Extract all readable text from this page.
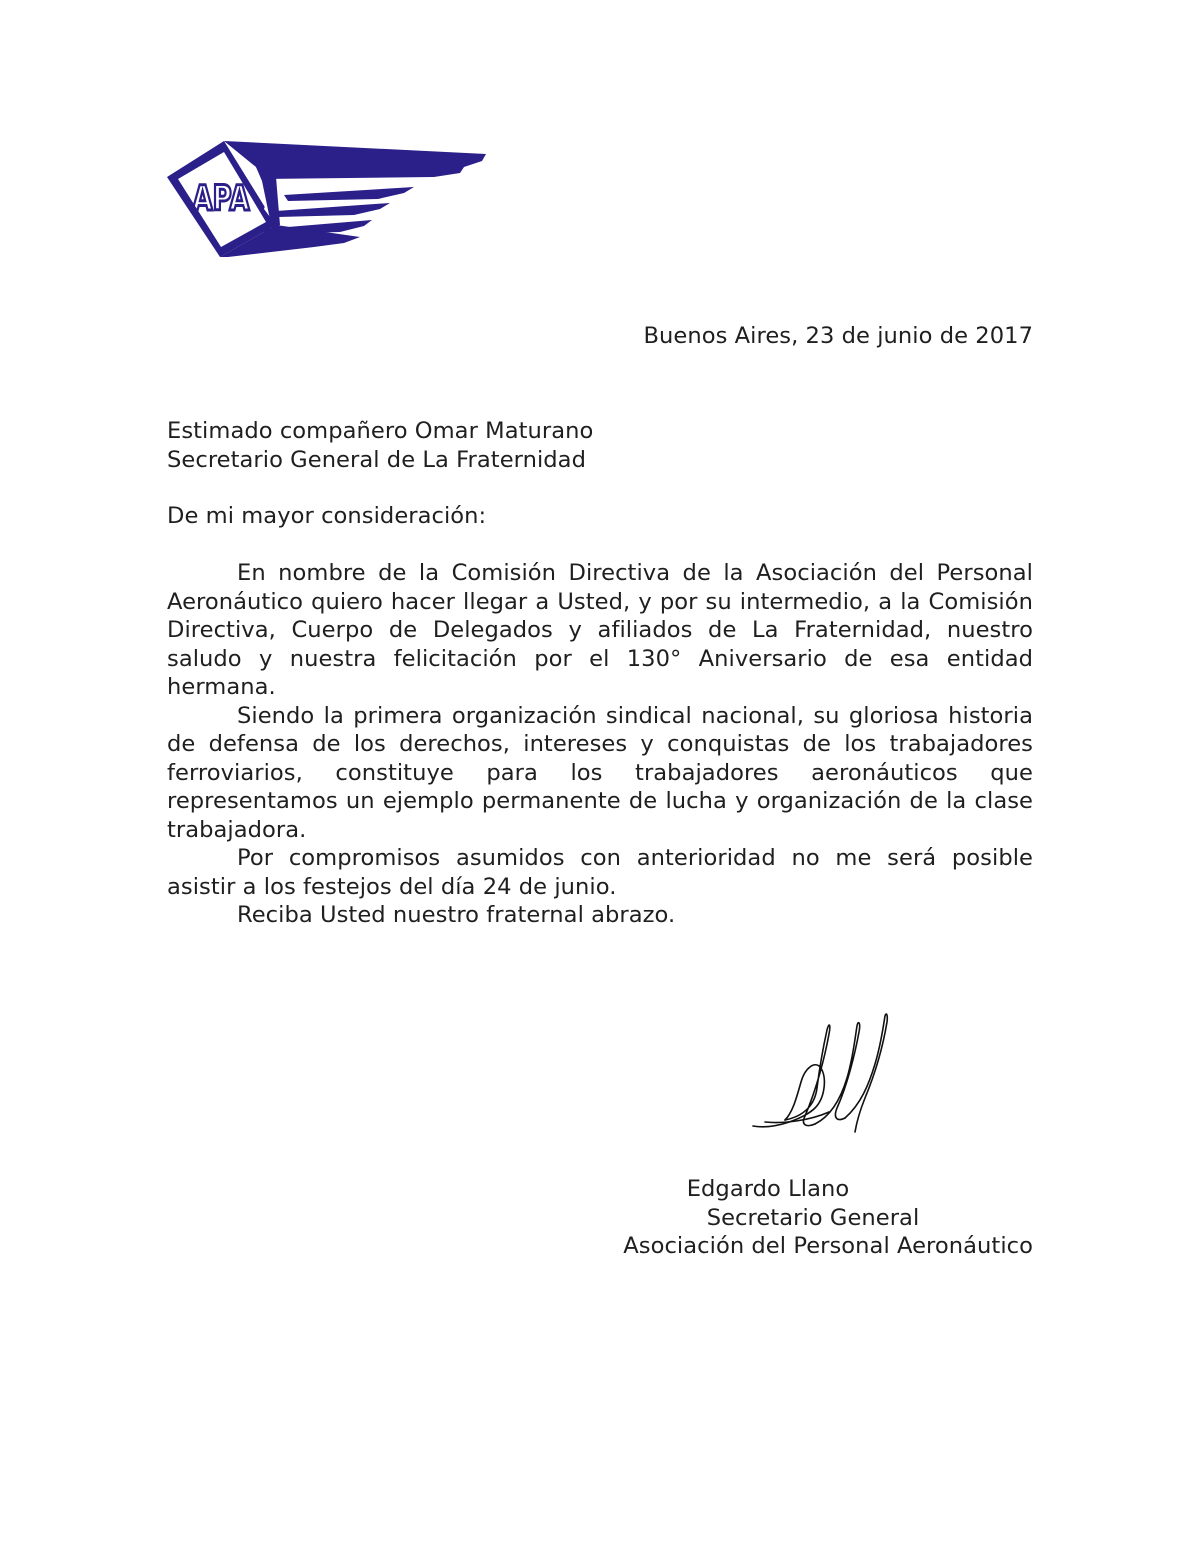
APA
Buenos Aires, 23 de junio de 2017
Estimado compañero Omar Maturano
Secretario General de La Fraternidad
De mi mayor consideración:

En nombre de la Comisión Directiva de la Asociación del Personal Aeronáutico quiero hacer llegar a Usted, y por su intermedio, a la Comisión Directiva, Cuerpo de Delegados y afiliados de La Fraternidad, nuestro saludo y nuestra felicitación por el 130° Aniversario de esa entidad hermana.

Siendo la primera organización sindical nacional, su gloriosa historia de defensa de los derechos, intereses y conquistas de los trabajadores ferroviarios, constituye para los trabajadores aeronáuticos que representamos un ejemplo permanente de lucha y organización de la clase trabajadora.

Por compromisos asumidos con anterioridad no me será posible asistir a los festejos del día 24 de junio.

Reciba Usted nuestro fraternal abrazo.

Edgardo Llano
Secretario General
Asociación del Personal Aeronáutico
